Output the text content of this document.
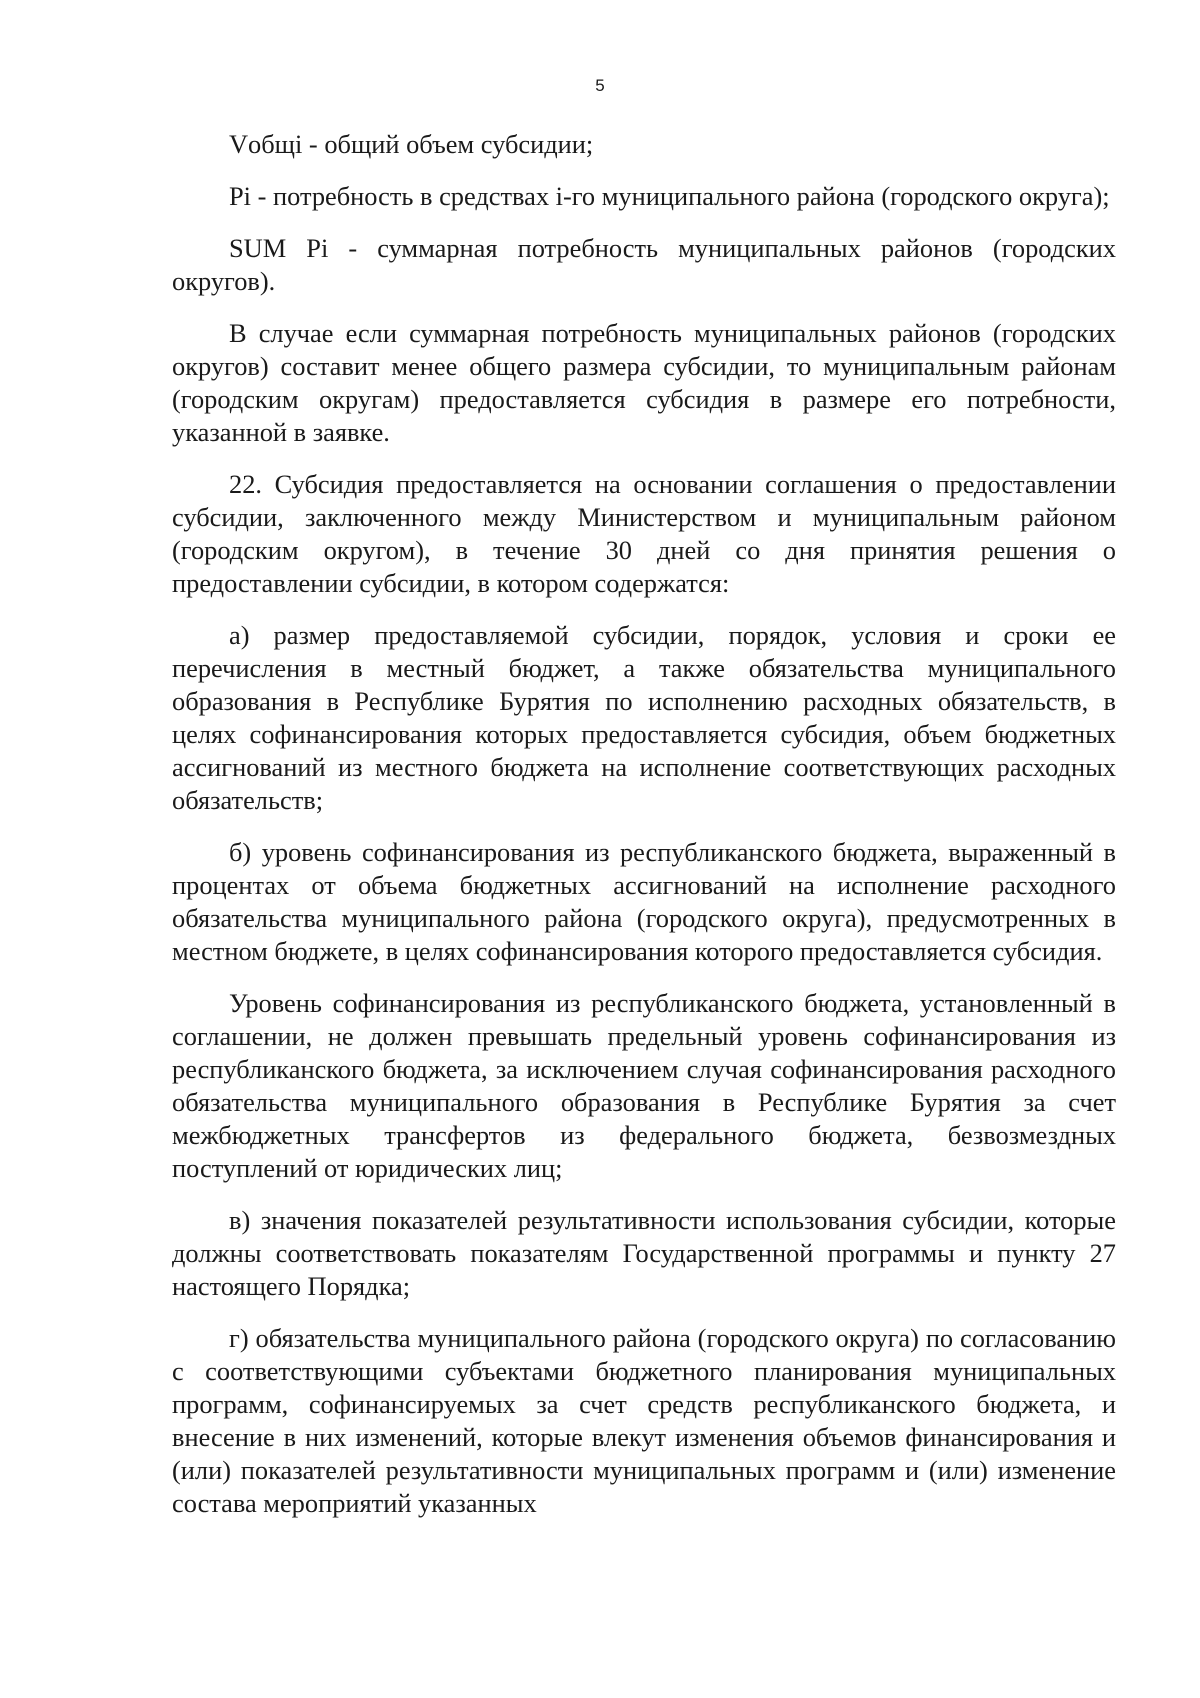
5

Vобщі - общий объем субсидии;

Pi - потребность в средствах i-го муниципального района (городского округа);

SUM Pi - суммарная потребность муниципальных районов (городских округов).

В случае если суммарная потребность муниципальных районов (городских округов) составит менее общего размера субсидии, то муниципальным районам (городским округам) предоставляется субсидия в размере его потребности, указанной в заявке.

22. Субсидия предоставляется на основании соглашения о предоставлении субсидии, заключенного между Министерством и муниципальным районом (городским округом), в течение 30 дней со дня принятия решения о предоставлении субсидии, в котором содержатся:

а) размер предоставляемой субсидии, порядок, условия и сроки ее перечисления в местный бюджет, а также обязательства муниципального образования в Республике Бурятия по исполнению расходных обязательств, в целях софинансирования которых предоставляется субсидия, объем бюджетных ассигнований из местного бюджета на исполнение соответствующих расходных обязательств;

б) уровень софинансирования из республиканского бюджета, выраженный в процентах от объема бюджетных ассигнований на исполнение расходного обязательства муниципального района (городского округа), предусмотренных в местном бюджете, в целях софинансирования которого предоставляется субсидия.

Уровень софинансирования из республиканского бюджета, установленный в соглашении, не должен превышать предельный уровень софинансирования из республиканского бюджета, за исключением случая софинансирования расходного обязательства муниципального образования в Республике Бурятия за счет межбюджетных трансфертов из федерального бюджета, безвозмездных поступлений от юридических лиц;

в) значения показателей результативности использования субсидии, которые должны соответствовать показателям Государственной программы и пункту 27 настоящего Порядка;

г) обязательства муниципального района (городского округа) по согласованию с соответствующими субъектами бюджетного планирования муниципальных программ, софинансируемых за счет средств республиканского бюджета, и внесение в них изменений, которые влекут изменения объемов финансирования и (или) показателей результативности муниципальных программ и (или) изменение состава мероприятий указанных
